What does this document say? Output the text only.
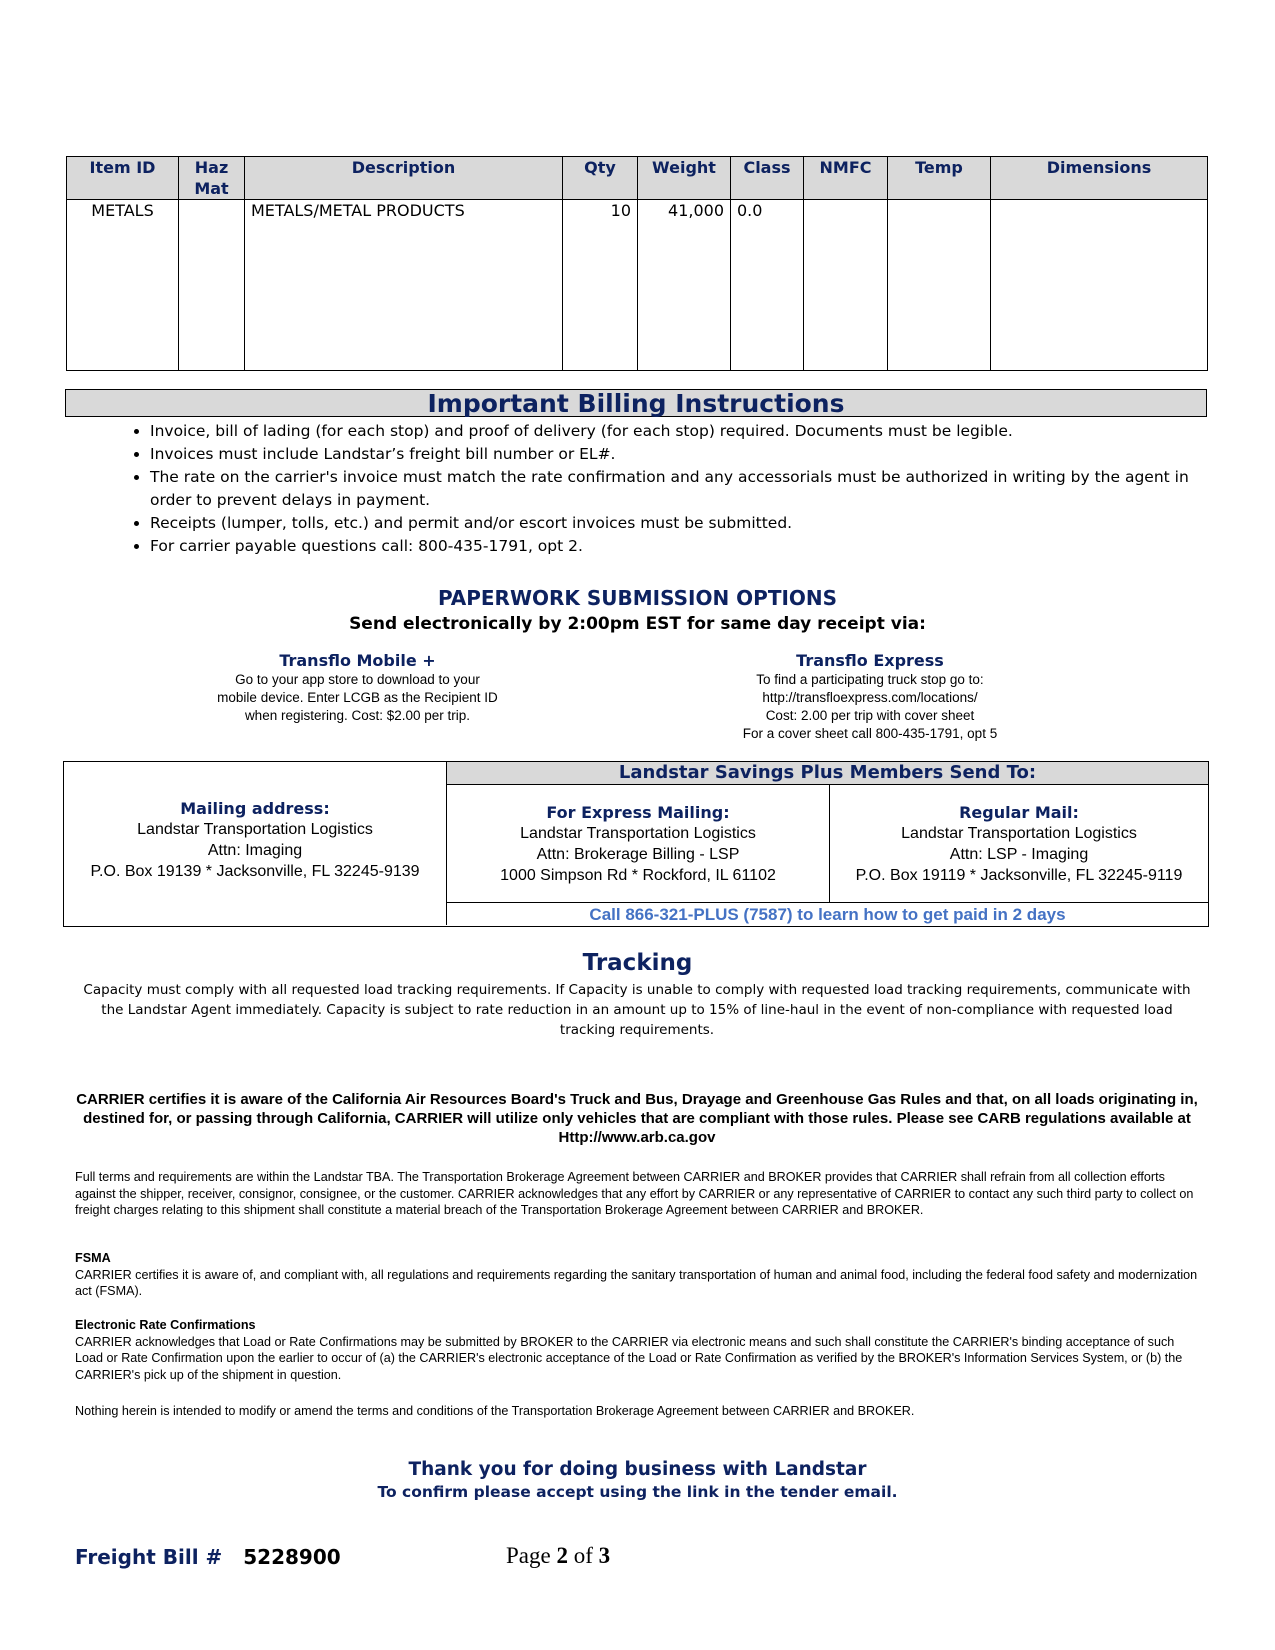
Item ID	Haz Mat	Description	Qty	Weight	Class	NMFC	Temp	Dimensions
METALS		METALS/METAL PRODUCTS	10	41,000	0.0			
Important Billing Instructions
• Invoice, bill of lading (for each stop) and proof of delivery (for each stop) required. Documents must be legible.
• Invoices must include Landstar’s freight bill number or EL#.
• The rate on the carrier's invoice must match the rate confirmation and any accessorials must be authorized in writing by the agent in order to prevent delays in payment.
• Receipts (lumper, tolls, etc.) and permit and/or escort invoices must be submitted.
• For carrier payable questions call: 800-435-1791, opt 2.
PAPERWORK SUBMISSION OPTIONS
Send electronically by 2:00pm EST for same day receipt via:
Transflo Mobile +
Go to your app store to download to your
mobile device. Enter LCGB as the Recipient ID
when registering. Cost: $2.00 per trip.
Transflo Express
To find a participating truck stop go to:
http://transfloexpress.com/locations/
Cost: 2.00 per trip with cover sheet
For a cover sheet call 800-435-1791, opt 5
Mailing address:
Landstar Transportation Logistics
Attn: Imaging
P.O. Box 19139 * Jacksonville, FL 32245-9139
Landstar Savings Plus Members Send To:
For Express Mailing:
Landstar Transportation Logistics
Attn: Brokerage Billing - LSP
1000 Simpson Rd * Rockford, IL 61102
Regular Mail:
Landstar Transportation Logistics
Attn: LSP - Imaging
P.O. Box 19119 * Jacksonville, FL 32245-9119
Call 866-321-PLUS (7587) to learn how to get paid in 2 days
Tracking
Capacity must comply with all requested load tracking requirements. If Capacity is unable to comply with requested load tracking requirements, communicate with the Landstar Agent immediately. Capacity is subject to rate reduction in an amount up to 15% of line-haul in the event of non-compliance with requested load tracking requirements.
CARRIER certifies it is aware of the California Air Resources Board's Truck and Bus, Drayage and Greenhouse Gas Rules and that, on all loads originating in, destined for, or passing through California, CARRIER will utilize only vehicles that are compliant with those rules. Please see CARB regulations available at Http://www.arb.ca.gov
Full terms and requirements are within the Landstar TBA. The Transportation Brokerage Agreement between CARRIER and BROKER provides that CARRIER shall refrain from all collection efforts against the shipper, receiver, consignor, consignee, or the customer. CARRIER acknowledges that any effort by CARRIER or any representative of CARRIER to contact any such third party to collect on freight charges relating to this shipment shall constitute a material breach of the Transportation Brokerage Agreement between CARRIER and BROKER.
FSMA
CARRIER certifies it is aware of, and compliant with, all regulations and requirements regarding the sanitary transportation of human and animal food, including the federal food safety and modernization act (FSMA).
Electronic Rate Confirmations
CARRIER acknowledges that Load or Rate Confirmations may be submitted by BROKER to the CARRIER via electronic means and such shall constitute the CARRIER's binding acceptance of such Load or Rate Confirmation upon the earlier to occur of (a) the CARRIER's electronic acceptance of the Load or Rate Confirmation as verified by the BROKER's Information Services System, or (b) the CARRIER's pick up of the shipment in question.
Nothing herein is intended to modify or amend the terms and conditions of the Transportation Brokerage Agreement between CARRIER and BROKER.
Thank you for doing business with Landstar
To confirm please accept using the link in the tender email.
Freight Bill # 5228900	Page 2 of 3
